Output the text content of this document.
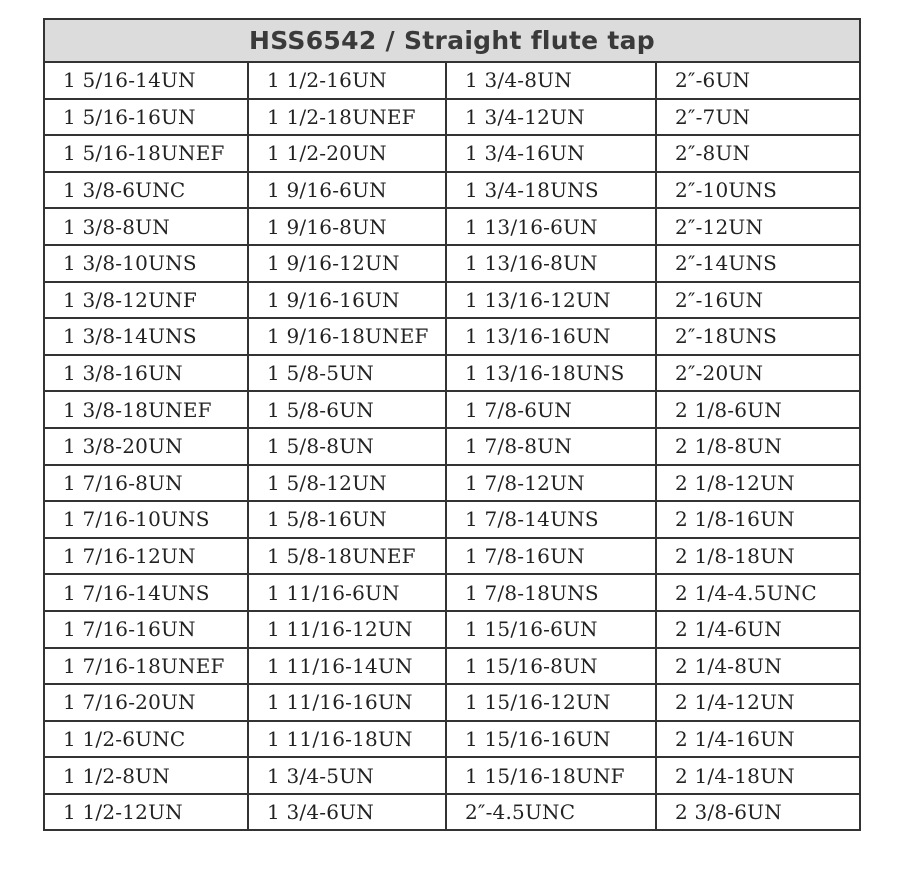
HSS6542 / Straight flute tap			
1 5/16-14UN	1 1/2-16UN	1 3/4-8UN	2″-6UN
1 5/16-16UN	1 1/2-18UNEF	1 3/4-12UN	2″-7UN
1 5/16-18UNEF	1 1/2-20UN	1 3/4-16UN	2″-8UN
1 3/8-6UNC	1 9/16-6UN	1 3/4-18UNS	2″-10UNS
1 3/8-8UN	1 9/16-8UN	1 13/16-6UN	2″-12UN
1 3/8-10UNS	1 9/16-12UN	1 13/16-8UN	2″-14UNS
1 3/8-12UNF	1 9/16-16UN	1 13/16-12UN	2″-16UN
1 3/8-14UNS	1 9/16-18UNEF	1 13/16-16UN	2″-18UNS
1 3/8-16UN	1 5/8-5UN	1 13/16-18UNS	2″-20UN
1 3/8-18UNEF	1 5/8-6UN	1 7/8-6UN	2 1/8-6UN
1 3/8-20UN	1 5/8-8UN	1 7/8-8UN	2 1/8-8UN
1 7/16-8UN	1 5/8-12UN	1 7/8-12UN	2 1/8-12UN
1 7/16-10UNS	1 5/8-16UN	1 7/8-14UNS	2 1/8-16UN
1 7/16-12UN	1 5/8-18UNEF	1 7/8-16UN	2 1/8-18UN
1 7/16-14UNS	1 11/16-6UN	1 7/8-18UNS	2 1/4-4.5UNC
1 7/16-16UN	1 11/16-12UN	1 15/16-6UN	2 1/4-6UN
1 7/16-18UNEF	1 11/16-14UN	1 15/16-8UN	2 1/4-8UN
1 7/16-20UN	1 11/16-16UN	1 15/16-12UN	2 1/4-12UN
1 1/2-6UNC	1 11/16-18UN	1 15/16-16UN	2 1/4-16UN
1 1/2-8UN	1 3/4-5UN	1 15/16-18UNF	2 1/4-18UN
1 1/2-12UN	1 3/4-6UN	2″-4.5UNC	2 3/8-6UN
